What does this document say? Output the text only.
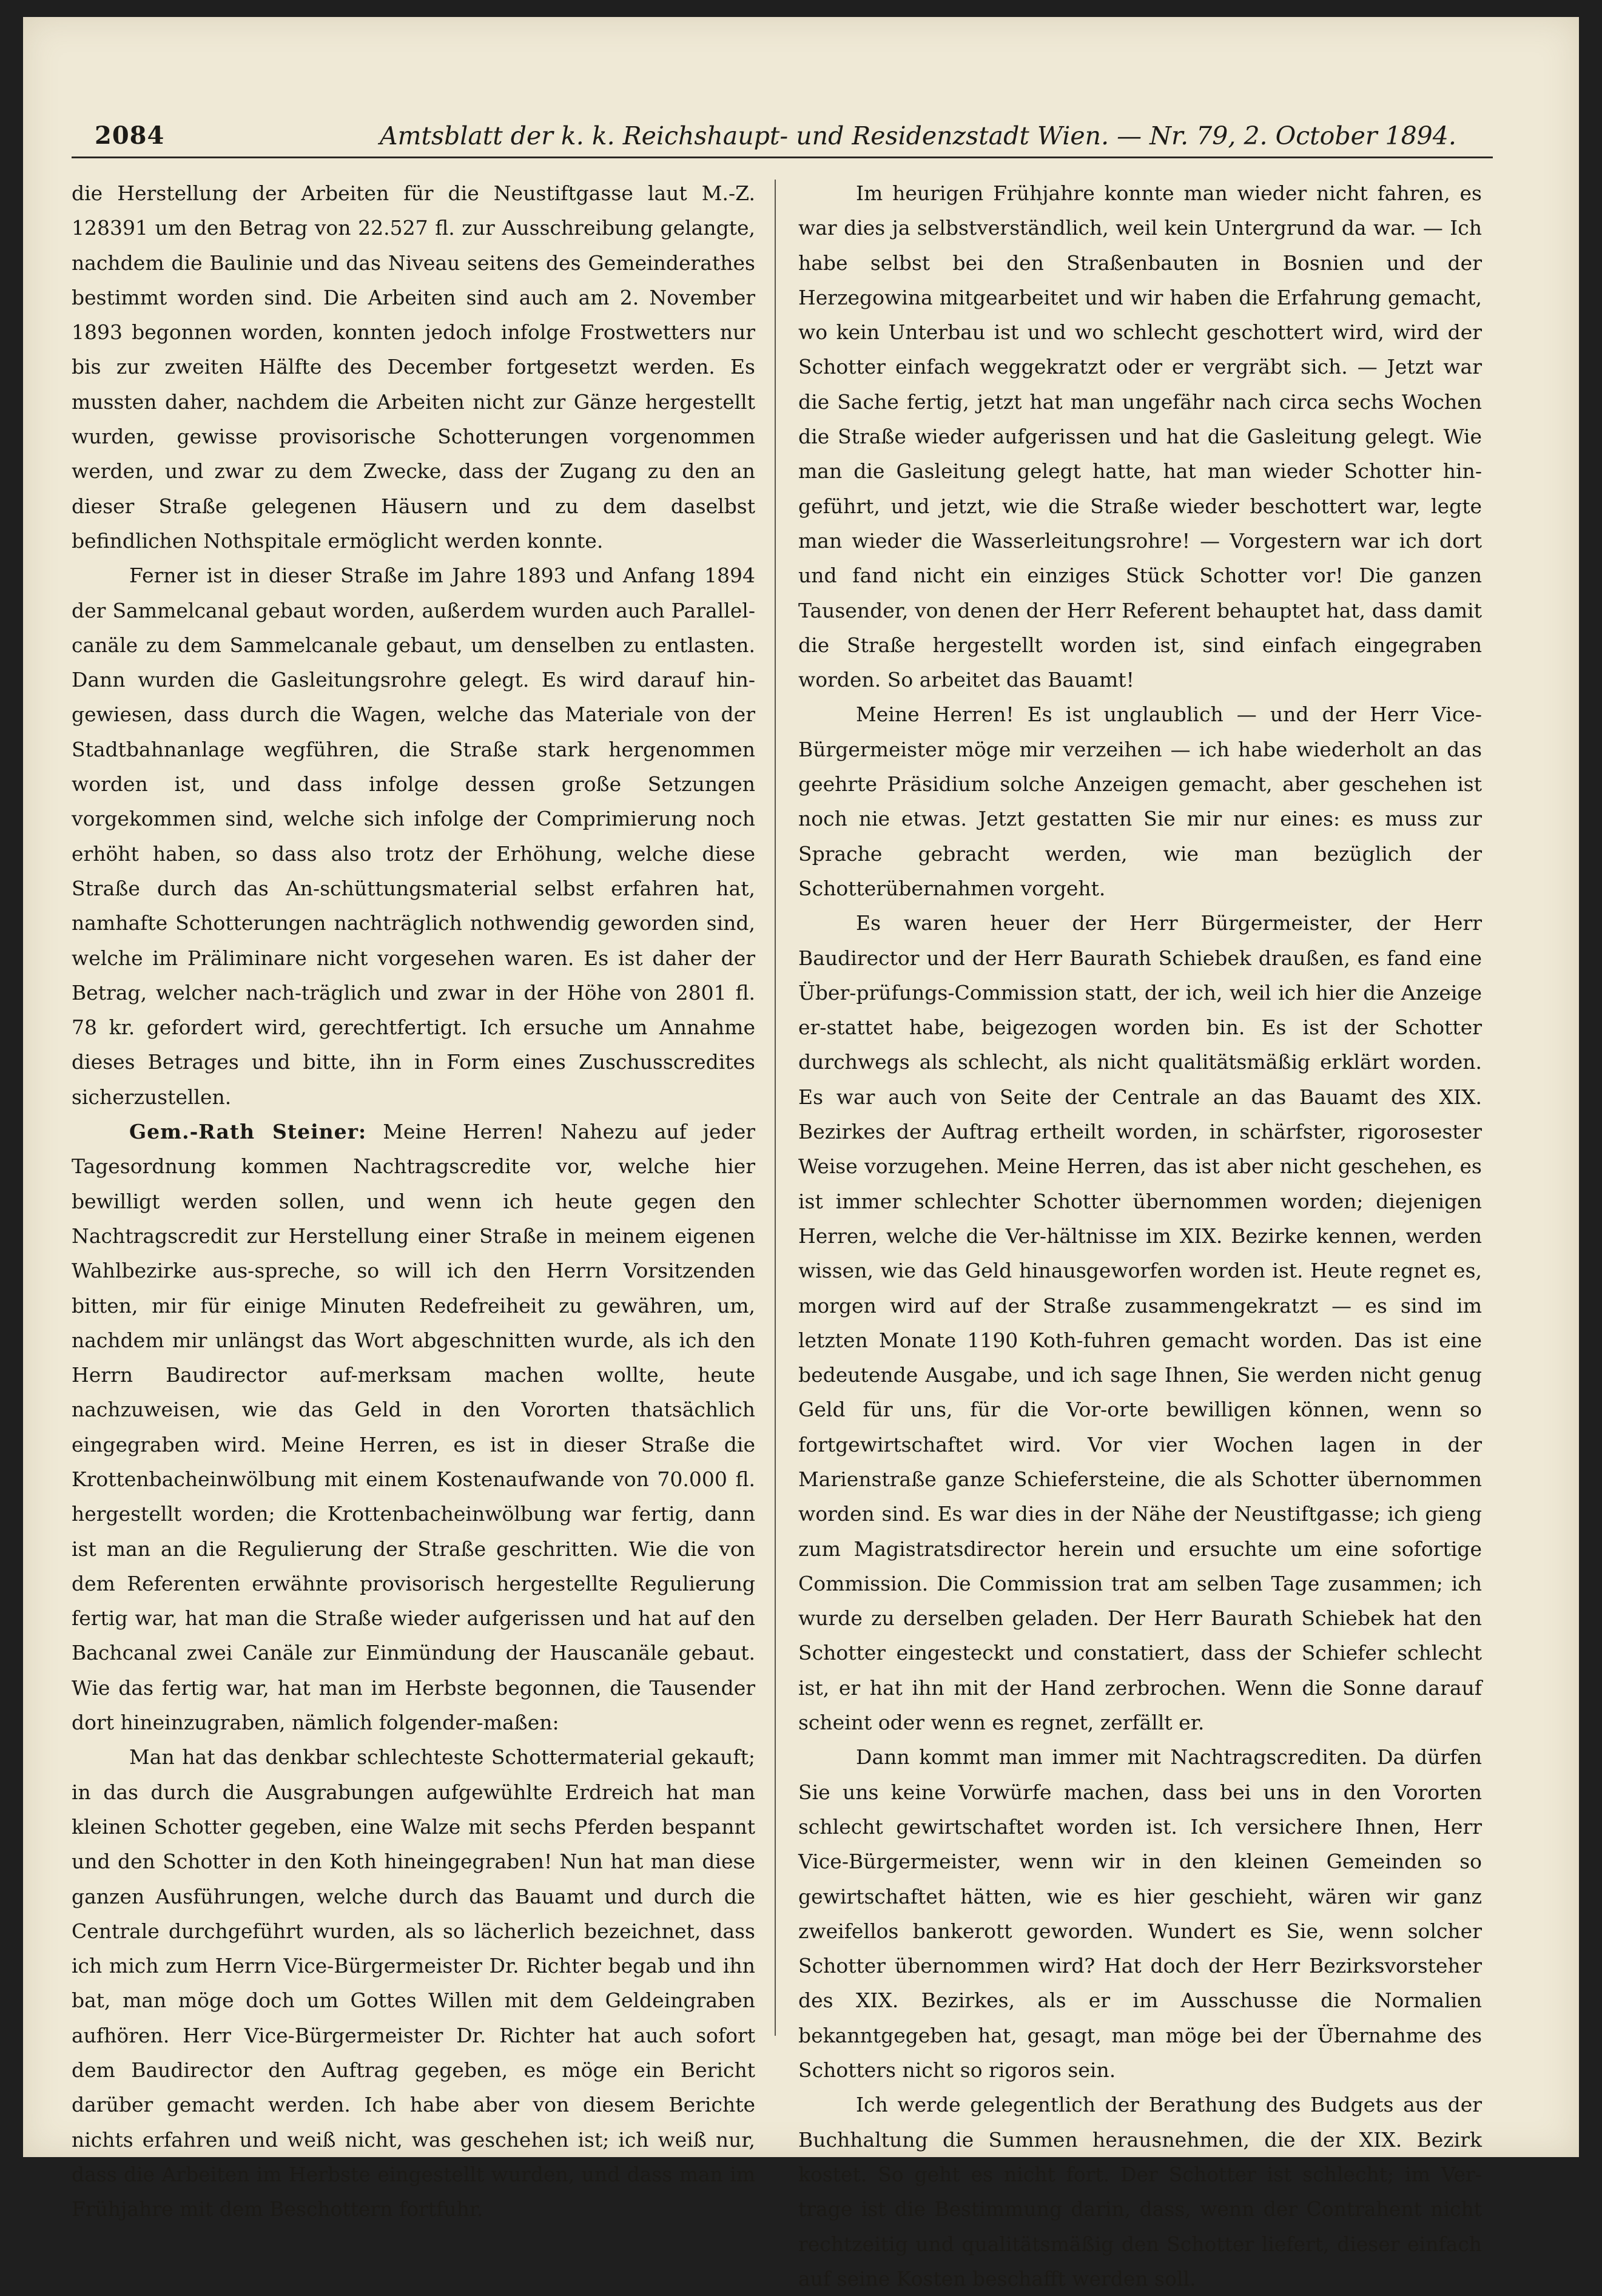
2084	Amtsblatt der k. k. Reichshaupt- und Residenzstadt Wien. — Nr. 79, 2. October 1894.

die Herstellung der Arbeiten für die Neustiftgasse laut M.-Z. 128391 um den Betrag von 22.527 fl. zur Ausschreibung gelangte, nachdem die Baulinie und das Niveau seitens des Gemeinderathes bestimmt worden sind. Die Arbeiten sind auch am 2. November 1893 begonnen worden, konnten jedoch infolge Frostwetters nur bis zur zweiten Hälfte des December fortgesetzt werden. Es mussten daher, nachdem die Arbeiten nicht zur Gänze hergestellt wurden, gewisse provisorische Schotterungen vorgenommen werden, und zwar zu dem Zwecke, dass der Zugang zu den an dieser Straße gelegenen Häusern und zu dem daselbst befindlichen Nothspitale ermöglicht werden konnte.

Ferner ist in dieser Straße im Jahre 1893 und Anfang 1894 der Sammelcanal gebaut worden, außerdem wurden auch Parallel-canäle zu dem Sammelcanale gebaut, um denselben zu entlasten. Dann wurden die Gasleitungsrohre gelegt. Es wird darauf hin-gewiesen, dass durch die Wagen, welche das Materiale von der Stadtbahnanlage wegführen, die Straße stark hergenommen worden ist, und dass infolge dessen große Setzungen vorgekommen sind, welche sich infolge der Comprimierung noch erhöht haben, so dass also trotz der Erhöhung, welche diese Straße durch das An-schüttungsmaterial selbst erfahren hat, namhafte Schotterungen nachträglich nothwendig geworden sind, welche im Präliminare nicht vorgesehen waren. Es ist daher der Betrag, welcher nach-träglich und zwar in der Höhe von 2801 fl. 78 kr. gefordert wird, gerechtfertigt. Ich ersuche um Annahme dieses Betrages und bitte, ihn in Form eines Zuschusscredites sicherzustellen.

Gem.-Rath Steiner: Meine Herren! Nahezu auf jeder Tagesordnung kommen Nachtragscredite vor, welche hier bewilligt werden sollen, und wenn ich heute gegen den Nachtragscredit zur Herstellung einer Straße in meinem eigenen Wahlbezirke aus-spreche, so will ich den Herrn Vorsitzenden bitten, mir für einige Minuten Redefreiheit zu gewähren, um, nachdem mir unlängst das Wort abgeschnitten wurde, als ich den Herrn Baudirector auf-merksam machen wollte, heute nachzuweisen, wie das Geld in den Vororten thatsächlich eingegraben wird. Meine Herren, es ist in dieser Straße die Krottenbacheinwölbung mit einem Kostenaufwande von 70.000 fl. hergestellt worden; die Krottenbacheinwölbung war fertig, dann ist man an die Regulierung der Straße geschritten. Wie die von dem Referenten erwähnte provisorisch hergestellte Regulierung fertig war, hat man die Straße wieder aufgerissen und hat auf den Bachcanal zwei Canäle zur Einmündung der Hauscanäle gebaut. Wie das fertig war, hat man im Herbste begonnen, die Tausender dort hineinzugraben, nämlich folgender-maßen:

Man hat das denkbar schlechteste Schottermaterial gekauft; in das durch die Ausgrabungen aufgewühlte Erdreich hat man kleinen Schotter gegeben, eine Walze mit sechs Pferden bespannt und den Schotter in den Koth hineingegraben! Nun hat man diese ganzen Ausführungen, welche durch das Bauamt und durch die Centrale durchgeführt wurden, als so lächerlich bezeichnet, dass ich mich zum Herrn Vice-Bürgermeister Dr. Richter begab und ihn bat, man möge doch um Gottes Willen mit dem Geldeingraben aufhören. Herr Vice-Bürgermeister Dr. Richter hat auch sofort dem Baudirector den Auftrag gegeben, es möge ein Bericht darüber gemacht werden. Ich habe aber von diesem Berichte nichts erfahren und weiß nicht, was geschehen ist; ich weiß nur, dass die Arbeiten im Herbste eingestellt wurden, und dass man im Frühjahre mit dem Beschottern fortfuhr.

Im heurigen Frühjahre konnte man wieder nicht fahren, es war dies ja selbstverständlich, weil kein Untergrund da war. — Ich habe selbst bei den Straßenbauten in Bosnien und der Herzegowina mitgearbeitet und wir haben die Erfahrung gemacht, wo kein Unterbau ist und wo schlecht geschottert wird, wird der Schotter einfach weggekratzt oder er vergräbt sich. — Jetzt war die Sache fertig, jetzt hat man ungefähr nach circa sechs Wochen die Straße wieder aufgerissen und hat die Gasleitung gelegt. Wie man die Gasleitung gelegt hatte, hat man wieder Schotter hin-geführt, und jetzt, wie die Straße wieder beschottert war, legte man wieder die Wasserleitungsrohre! — Vorgestern war ich dort und fand nicht ein einziges Stück Schotter vor! Die ganzen Tausender, von denen der Herr Referent behauptet hat, dass damit die Straße hergestellt worden ist, sind einfach eingegraben worden. So arbeitet das Bauamt!

Meine Herren! Es ist unglaublich — und der Herr Vice-Bürgermeister möge mir verzeihen — ich habe wiederholt an das geehrte Präsidium solche Anzeigen gemacht, aber geschehen ist noch nie etwas. Jetzt gestatten Sie mir nur eines: es muss zur Sprache gebracht werden, wie man bezüglich der Schotterübernahmen vorgeht.

Es waren heuer der Herr Bürgermeister, der Herr Baudirector und der Herr Baurath Schiebek draußen, es fand eine Über-prüfungs-Commission statt, der ich, weil ich hier die Anzeige er-stattet habe, beigezogen worden bin. Es ist der Schotter durchwegs als schlecht, als nicht qualitätsmäßig erklärt worden. Es war auch von Seite der Centrale an das Bauamt des XIX. Bezirkes der Auftrag ertheilt worden, in schärfster, rigorosester Weise vorzugehen. Meine Herren, das ist aber nicht geschehen, es ist immer schlechter Schotter übernommen worden; diejenigen Herren, welche die Ver-hältnisse im XIX. Bezirke kennen, werden wissen, wie das Geld hinausgeworfen worden ist. Heute regnet es, morgen wird auf der Straße zusammengekratzt — es sind im letzten Monate 1190 Koth-fuhren gemacht worden. Das ist eine bedeutende Ausgabe, und ich sage Ihnen, Sie werden nicht genug Geld für uns, für die Vor-orte bewilligen können, wenn so fortgewirtschaftet wird. Vor vier Wochen lagen in der Marienstraße ganze Schiefersteine, die als Schotter übernommen worden sind. Es war dies in der Nähe der Neustiftgasse; ich gieng zum Magistratsdirector herein und ersuchte um eine sofortige Commission. Die Commission trat am selben Tage zusammen; ich wurde zu derselben geladen. Der Herr Baurath Schiebek hat den Schotter eingesteckt und constatiert, dass der Schiefer schlecht ist, er hat ihn mit der Hand zerbrochen. Wenn die Sonne darauf scheint oder wenn es regnet, zerfällt er.

Dann kommt man immer mit Nachtragscrediten. Da dürfen Sie uns keine Vorwürfe machen, dass bei uns in den Vororten schlecht gewirtschaftet worden ist. Ich versichere Ihnen, Herr Vice-Bürgermeister, wenn wir in den kleinen Gemeinden so gewirtschaftet hätten, wie es hier geschieht, wären wir ganz zweifellos bankerott geworden. Wundert es Sie, wenn solcher Schotter übernommen wird? Hat doch der Herr Bezirksvorsteher des XIX. Bezirkes, als er im Ausschusse die Normalien bekanntgegeben hat, gesagt, man möge bei der Übernahme des Schotters nicht so rigoros sein.

Ich werde gelegentlich der Berathung des Budgets aus der Buchhaltung die Summen herausnehmen, die der XIX. Bezirk kostet. So geht es nicht fort. Der Schotter ist schlecht; im Ver-trage ist die Bestimmung darin, dass, wenn der Contrahent nicht rechtzeitig und qualitätsmäßig den Schotter liefert, dieser einfach auf seine Kosten beschafft werden soll.
